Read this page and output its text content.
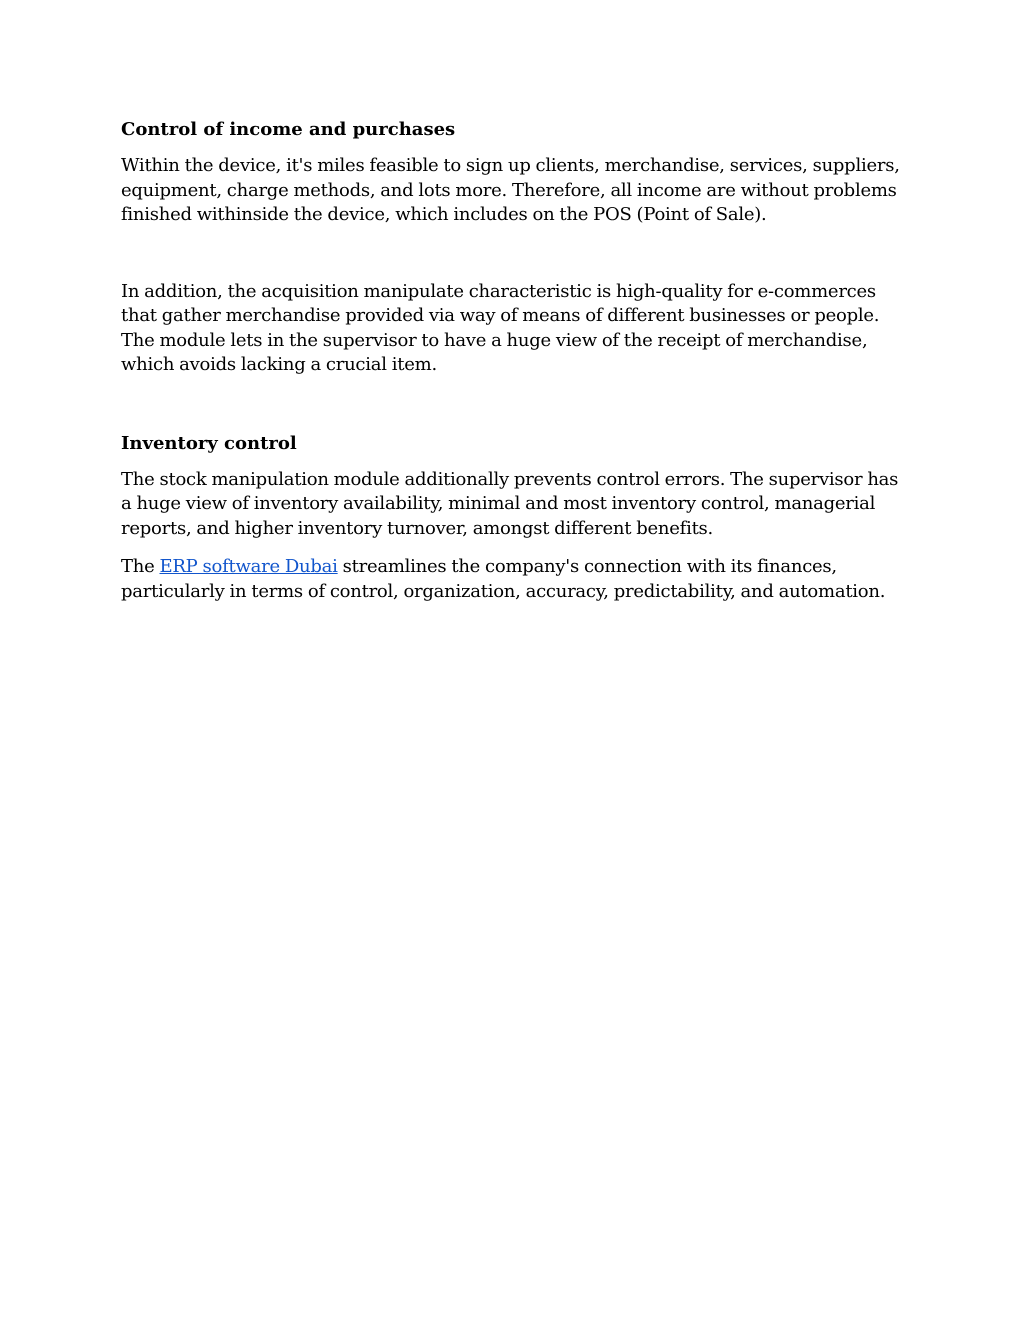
Control of income and purchases

Within the device, it's miles feasible to sign up clients, merchandise, services, suppliers, equipment, charge methods, and lots more. Therefore, all income are without problems finished withinside the device, which includes on the POS (Point of Sale).

In addition, the acquisition manipulate characteristic is high-quality for e-commerces that gather merchandise provided via way of means of different businesses or people. The module lets in the supervisor to have a huge view of the receipt of merchandise, which avoids lacking a crucial item.

Inventory control

The stock manipulation module additionally prevents control errors. The supervisor has a huge view of inventory availability, minimal and most inventory control, managerial reports, and higher inventory turnover, amongst different benefits.

The ERP software Dubai streamlines the company's connection with its finances, particularly in terms of control, organization, accuracy, predictability, and automation.
